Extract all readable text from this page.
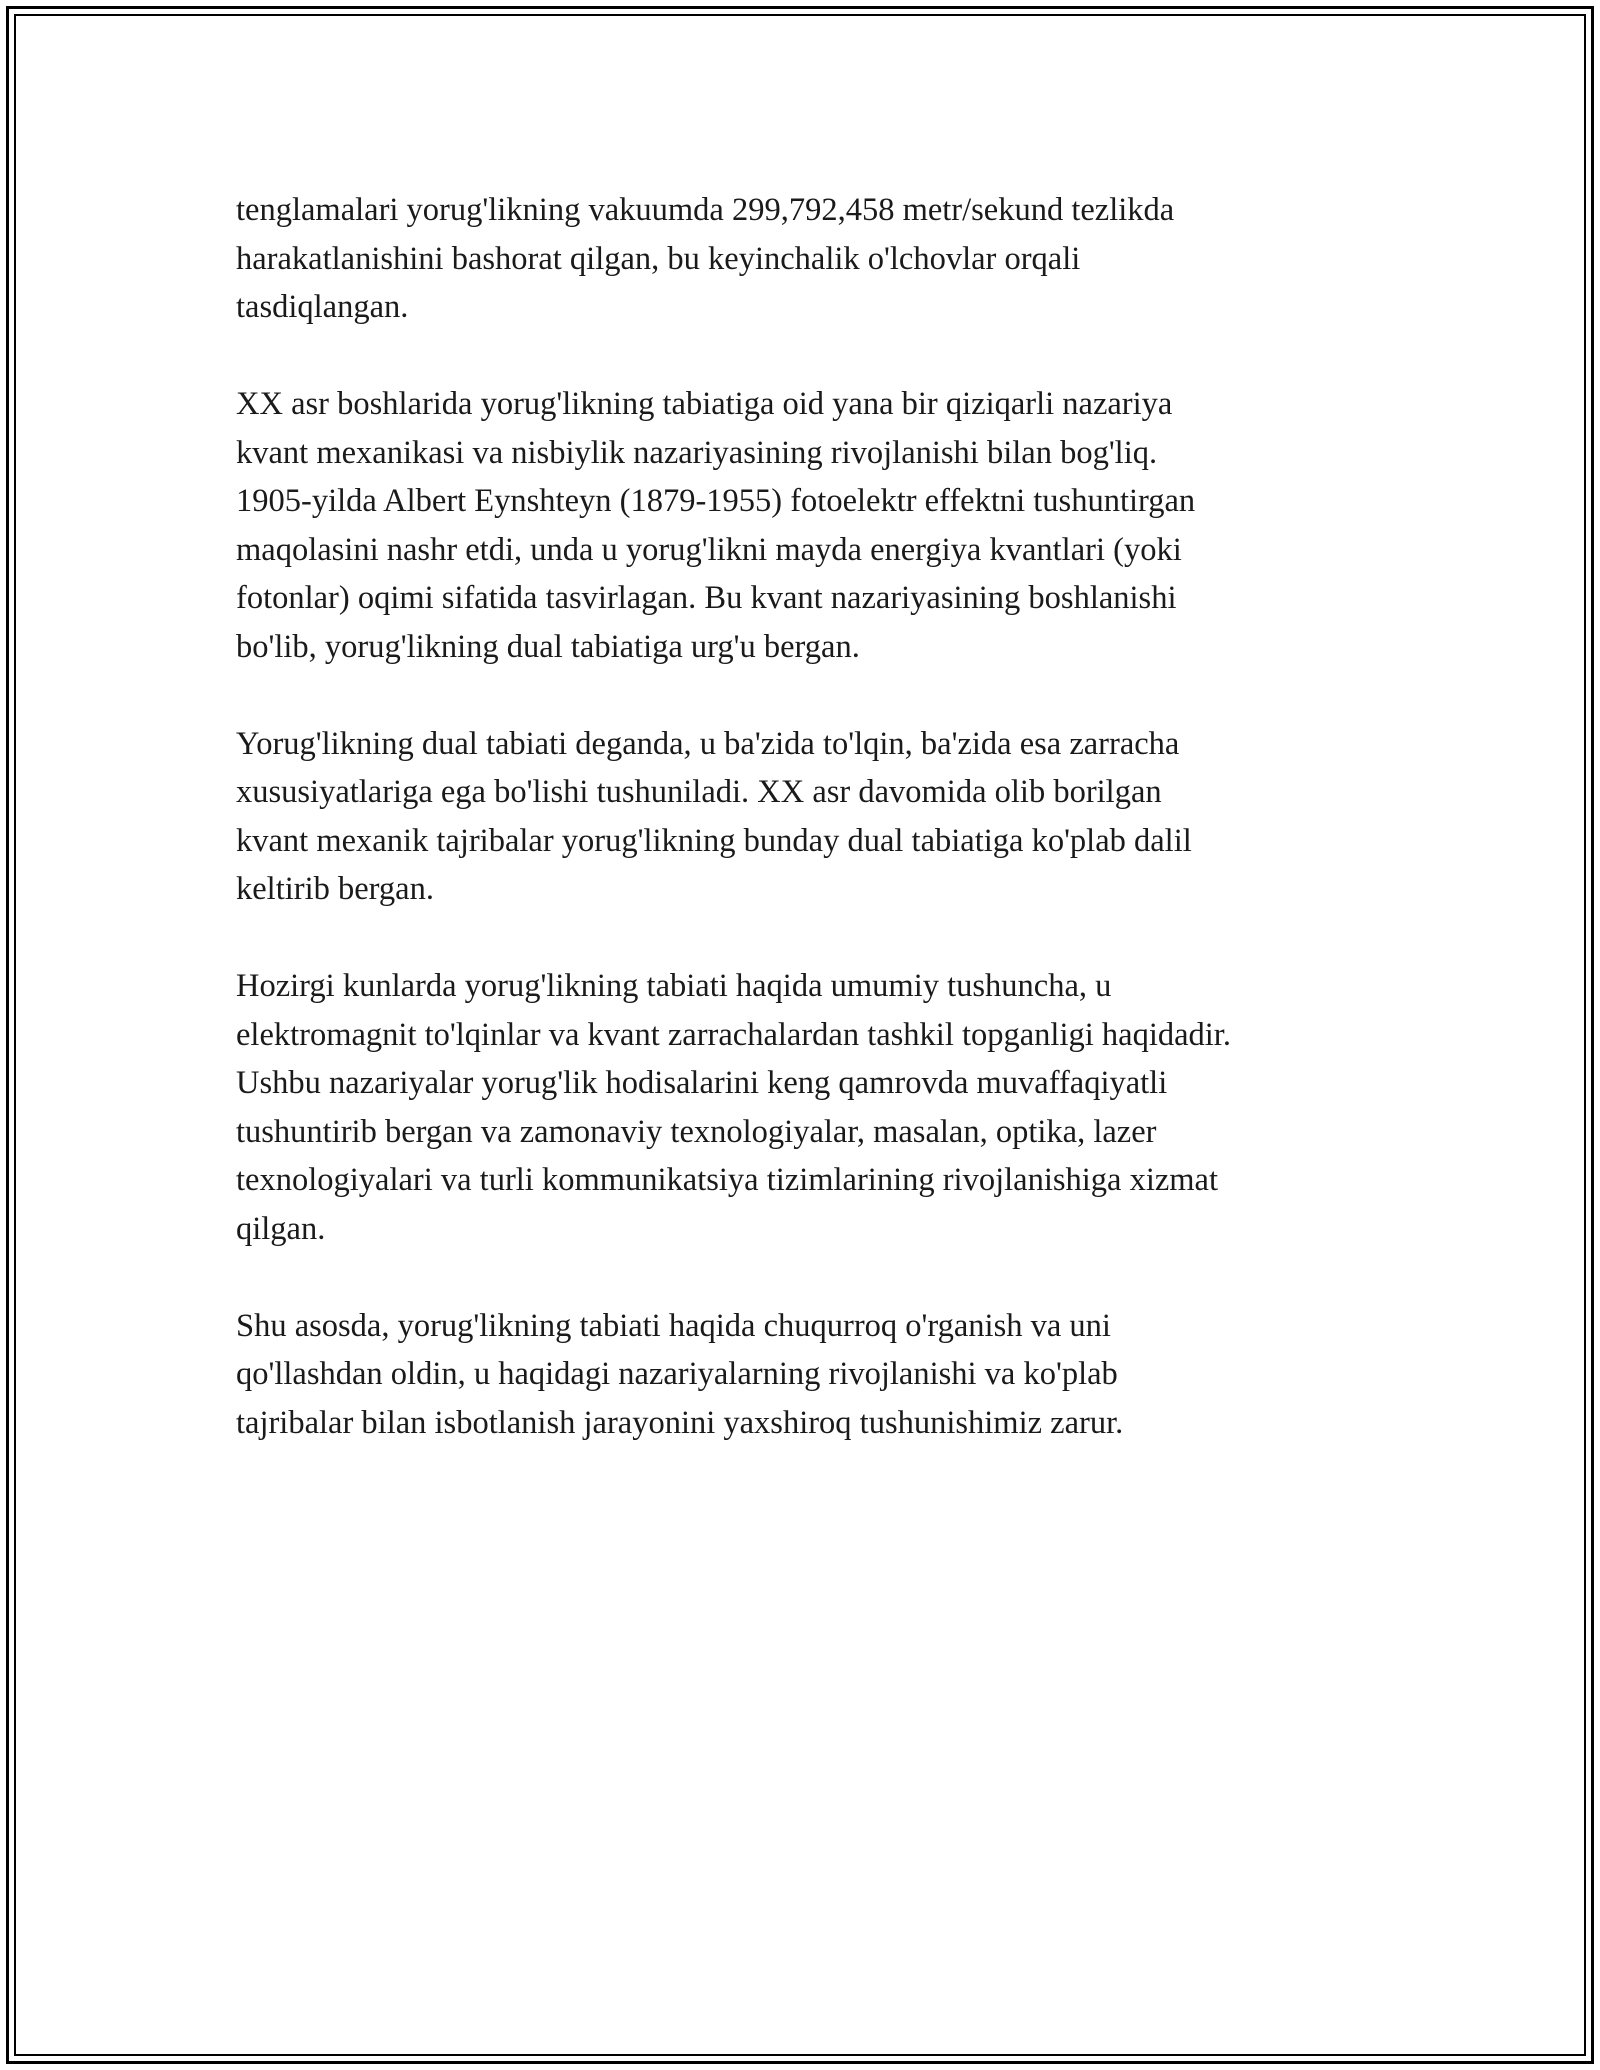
tenglamalari yorug'likning vakuumda 299,792,458 metr/sekund tezlikda
harakatlanishini bashorat qilgan, bu keyinchalik o'lchovlar orqali
tasdiqlangan.

XX asr boshlarida yorug'likning tabiatiga oid yana bir qiziqarli nazariya
kvant mexanikasi va nisbiylik nazariyasining rivojlanishi bilan bog'liq.
1905-yilda Albert Eynshteyn (1879-1955) fotoelektr effektni tushuntirgan
maqolasini nashr etdi, unda u yorug'likni mayda energiya kvantlari (yoki
fotonlar) oqimi sifatida tasvirlagan. Bu kvant nazariyasining boshlanishi
bo'lib, yorug'likning dual tabiatiga urg'u bergan.

Yorug'likning dual tabiati deganda, u ba'zida to'lqin, ba'zida esa zarracha
xususiyatlariga ega bo'lishi tushuniladi. XX asr davomida olib borilgan
kvant mexanik tajribalar yorug'likning bunday dual tabiatiga ko'plab dalil
keltirib bergan.

Hozirgi kunlarda yorug'likning tabiati haqida umumiy tushuncha, u
elektromagnit to'lqinlar va kvant zarrachalardan tashkil topganligi haqidadir.
Ushbu nazariyalar yorug'lik hodisalarini keng qamrovda muvaffaqiyatli
tushuntirib bergan va zamonaviy texnologiyalar, masalan, optika, lazer
texnologiyalari va turli kommunikatsiya tizimlarining rivojlanishiga xizmat
qilgan.

Shu asosda, yorug'likning tabiati haqida chuqurroq o'rganish va uni
qo'llashdan oldin, u haqidagi nazariyalarning rivojlanishi va ko'plab
tajribalar bilan isbotlanish jarayonini yaxshiroq tushunishimiz zarur.
